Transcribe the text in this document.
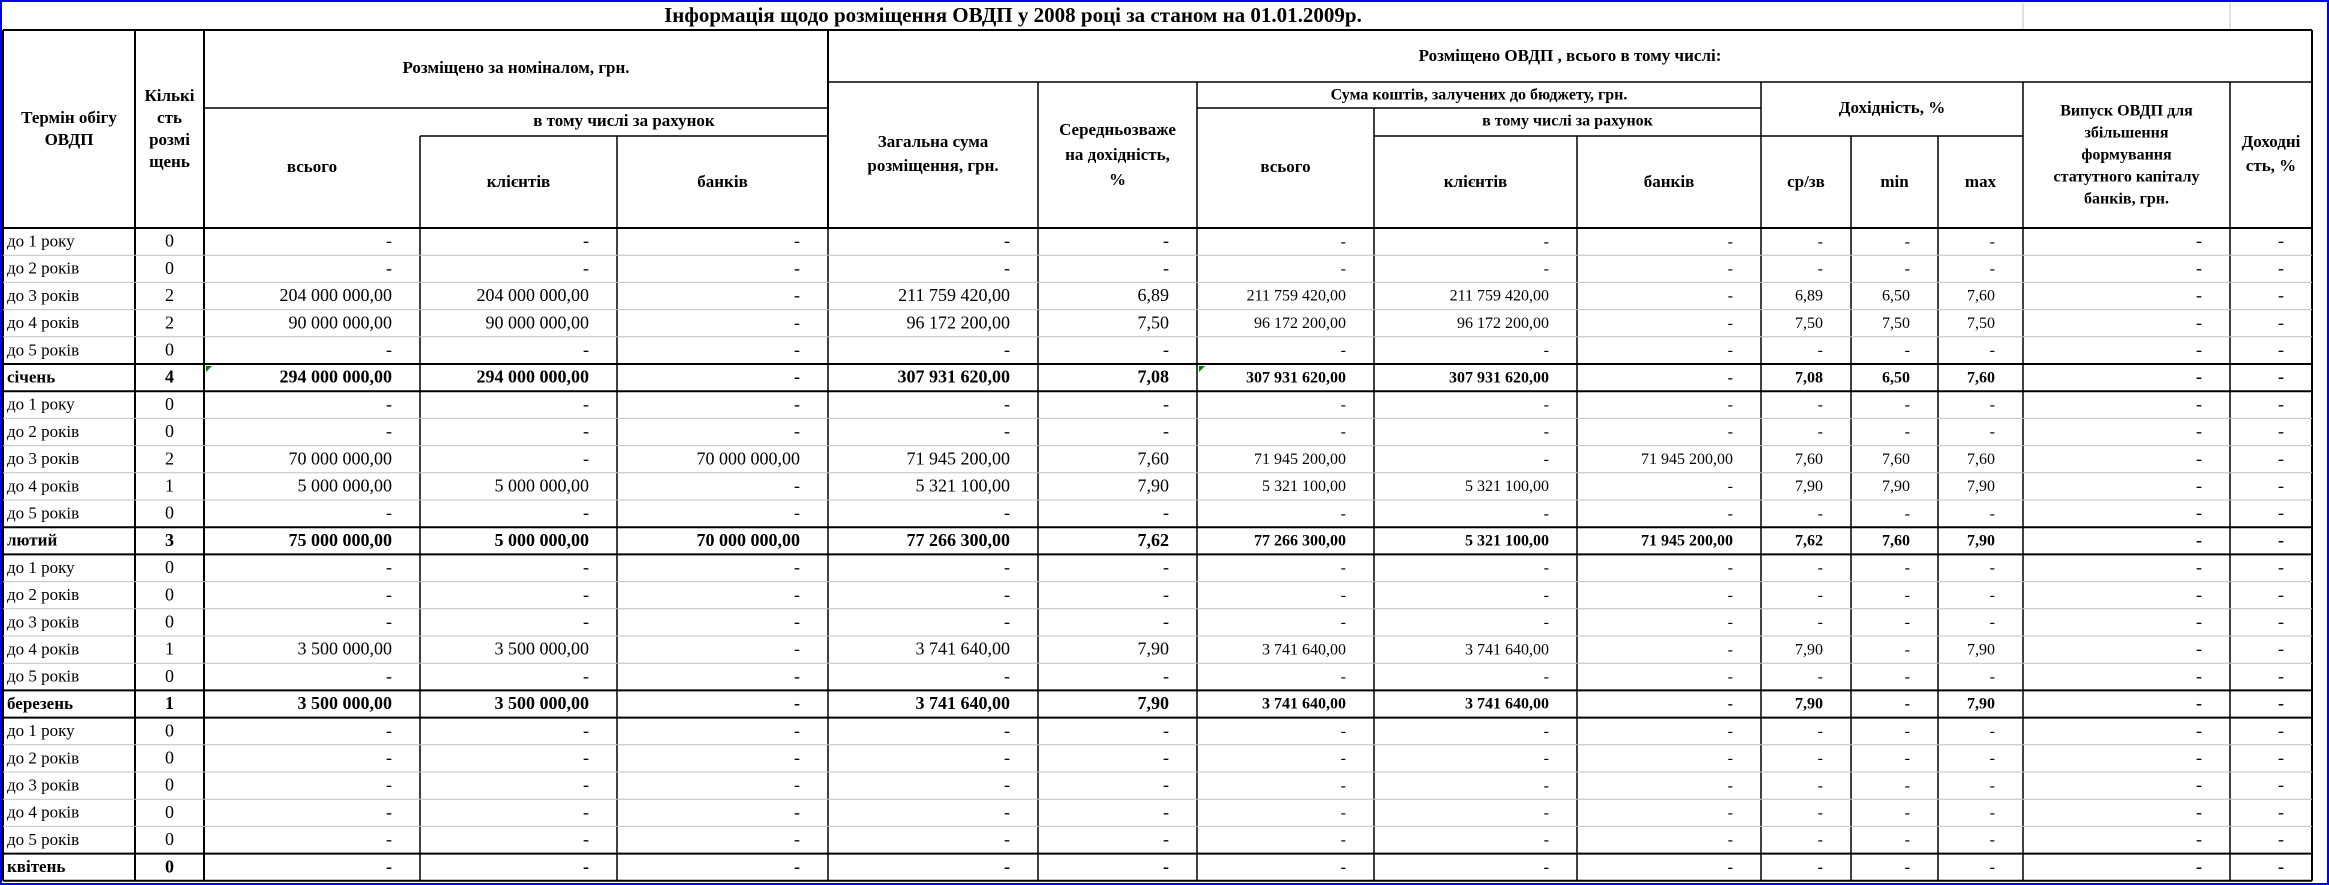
Інформація щодо розміщення ОВДП у 2008 році за станом на 01.01.2009р.
Термін обігу
ОВДП
Кількі
сть
розмі
щень
Розміщено за номіналом, грн.
всього
в тому числі за рахунок
клієнтів	банків
Розміщено ОВДП , всього в тому числі:
Загальна сума
розміщення, грн.
Середньозваже
на дохідність,
%
Сума коштів, залучених до бюджету, грн.
всього
в тому числі за рахунок
клієнтів	банків
Дохідність, %
ср/зв	min	max
Випуск ОВДП для
збільшення
формування
статутного капіталу
банків, грн.
Доходні
сть, %
до 1 року	0	-	-	-	-	-	-	-	-	-	-	-	-	-
до 2 років	0	-	-	-	-	-	-	-	-	-	-	-	-	-
до 3 років	2	204 000 000,00	204 000 000,00	-	211 759 420,00	6,89	211 759 420,00	211 759 420,00	-	6,89	6,50	7,60	-	-
до 4 років	2	90 000 000,00	90 000 000,00	-	96 172 200,00	7,50	96 172 200,00	96 172 200,00	-	7,50	7,50	7,50	-	-
до 5 років	0	-	-	-	-	-	-	-	-	-	-	-	-	-
січень	4	294 000 000,00	294 000 000,00	-	307 931 620,00	7,08	307 931 620,00	307 931 620,00	-	7,08	6,50	7,60	-	-
до 1 року	0	-	-	-	-	-	-	-	-	-	-	-	-	-
до 2 років	0	-	-	-	-	-	-	-	-	-	-	-	-	-
до 3 років	2	70 000 000,00	-	70 000 000,00	71 945 200,00	7,60	71 945 200,00	-	71 945 200,00	7,60	7,60	7,60	-	-
до 4 років	1	5 000 000,00	5 000 000,00	-	5 321 100,00	7,90	5 321 100,00	5 321 100,00	-	7,90	7,90	7,90	-	-
до 5 років	0	-	-	-	-	-	-	-	-	-	-	-	-	-
лютий	3	75 000 000,00	5 000 000,00	70 000 000,00	77 266 300,00	7,62	77 266 300,00	5 321 100,00	71 945 200,00	7,62	7,60	7,90	-	-
до 1 року	0	-	-	-	-	-	-	-	-	-	-	-	-	-
до 2 років	0	-	-	-	-	-	-	-	-	-	-	-	-	-
до 3 років	0	-	-	-	-	-	-	-	-	-	-	-	-	-
до 4 років	1	3 500 000,00	3 500 000,00	-	3 741 640,00	7,90	3 741 640,00	3 741 640,00	-	7,90	-	7,90	-	-
до 5 років	0	-	-	-	-	-	-	-	-	-	-	-	-	-
березень	1	3 500 000,00	3 500 000,00	-	3 741 640,00	7,90	3 741 640,00	3 741 640,00	-	7,90	-	7,90	-	-
до 1 року	0	-	-	-	-	-	-	-	-	-	-	-	-	-
до 2 років	0	-	-	-	-	-	-	-	-	-	-	-	-	-
до 3 років	0	-	-	-	-	-	-	-	-	-	-	-	-	-
до 4 років	0	-	-	-	-	-	-	-	-	-	-	-	-	-
до 5 років	0	-	-	-	-	-	-	-	-	-	-	-	-	-
квітень	0	-	-	-	-	-	-	-	-	-	-	-	-	-
